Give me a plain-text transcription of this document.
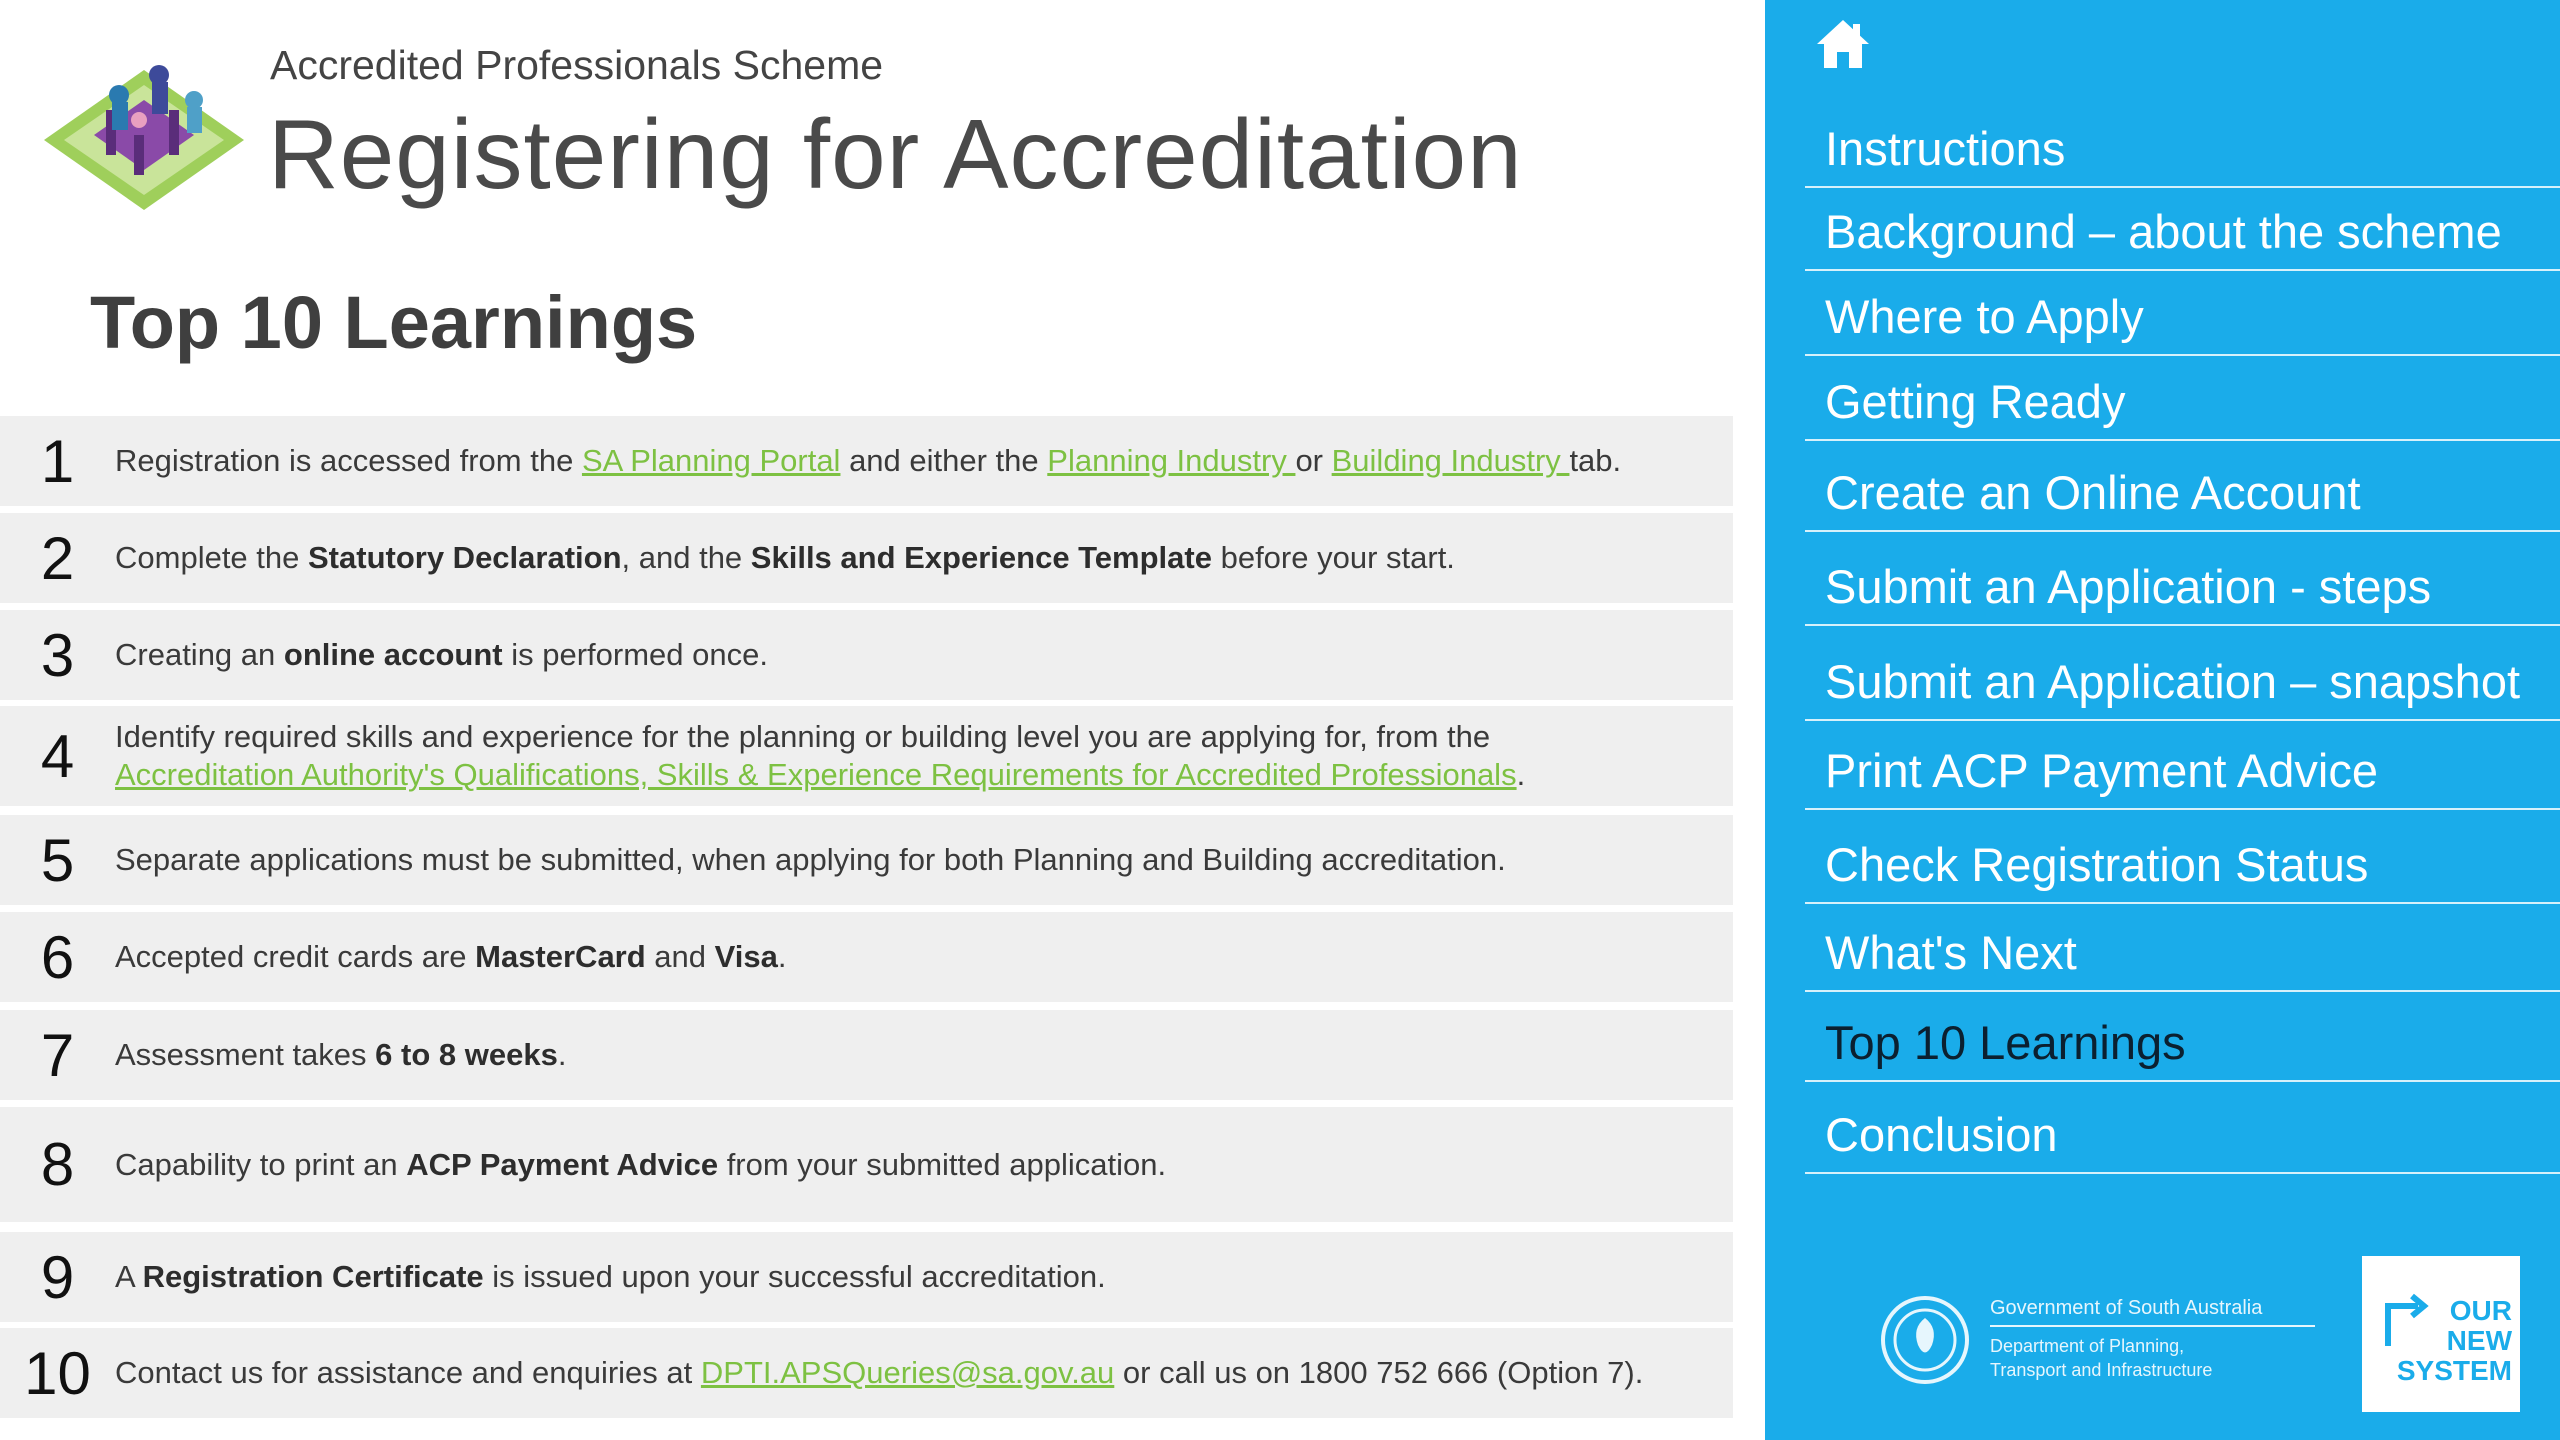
Accredited Professionals Scheme
Registering for Accreditation
Top 10 Learnings
1	Registration is accessed from the SA Planning Portal and either the Planning Industry or Building Industry tab.
2	Complete the Statutory Declaration, and the Skills and Experience Template before your start.
3	Creating an online account is performed once.
4	Identify required skills and experience for the planning or building level you are applying for, from the
Accreditation Authority's Qualifications, Skills & Experience Requirements for Accredited Professionals.
5	Separate applications must be submitted, when applying for both Planning and Building accreditation.
6	Accepted credit cards are MasterCard and Visa.
7	Assessment takes 6 to 8 weeks.
8	Capability to print an ACP Payment Advice from your submitted application.
9	A Registration Certificate is issued upon your successful accreditation.
10 Contact us for assistance and enquiries at DPTI.APSQueries@sa.gov.au or call us on 1800 752 666 (Option 7).
Instructions
Background – about the scheme
Where to Apply
Getting Ready
Create an Online Account
Submit an Application - steps
Submit an Application – snapshot
Print ACP Payment Advice
Check Registration Status
What's Next
Top 10 Learnings
Conclusion
Government of South Australia
Department of Planning,
Transport and Infrastructure
OUR
NEW
SYSTEM
